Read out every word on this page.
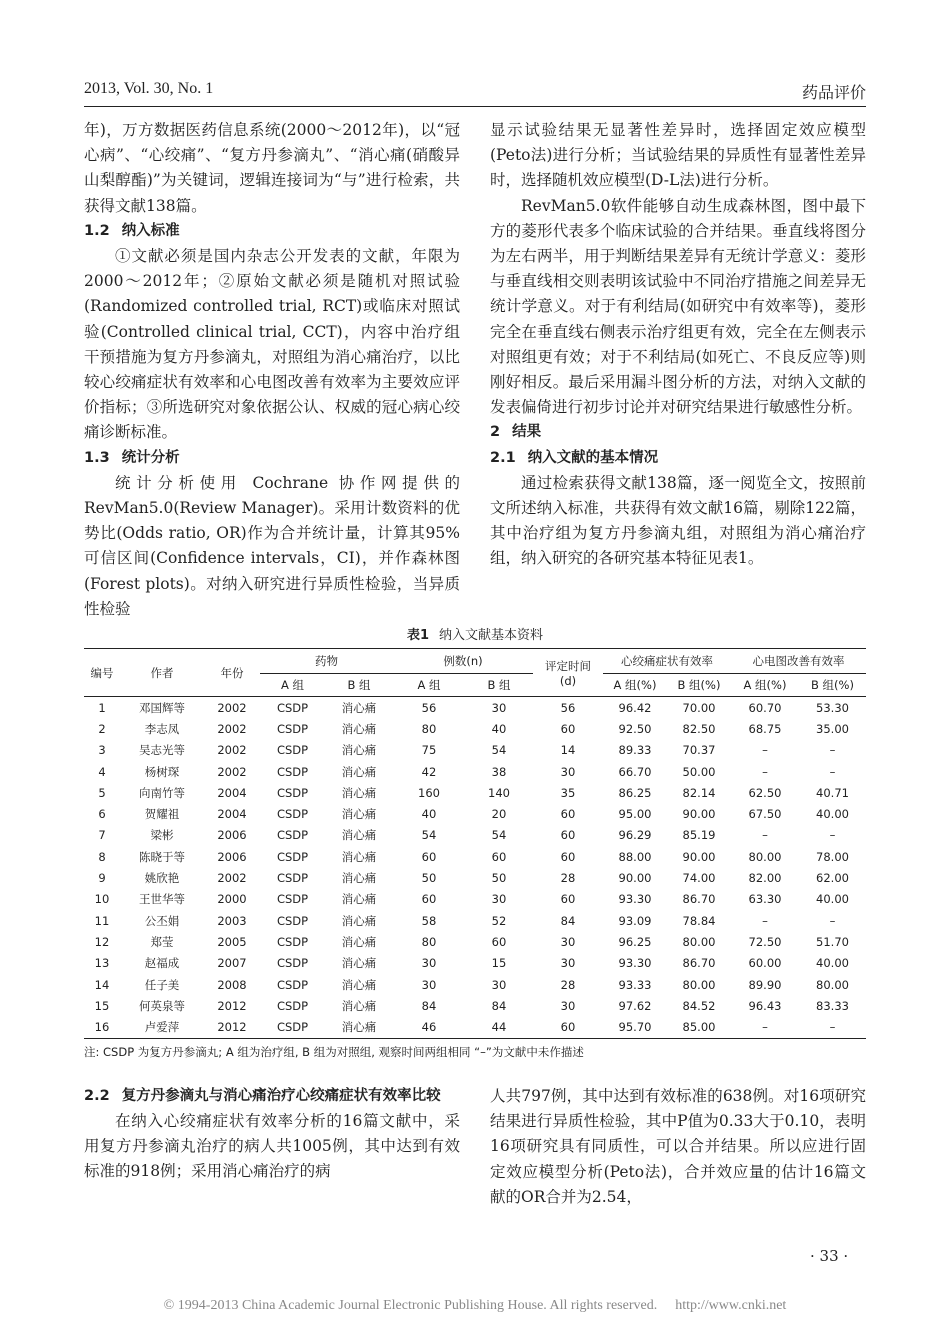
2013, Vol. 30, No. 1	药品评价

年)，万方数据医药信息系统(2000～2012年)，以“冠心病”、“心绞痛”、“复方丹参滴丸”、“消心痛(硝酸异山梨醇酯)”为关键词，逻辑连接词为“与”进行检索，共获得文献138篇。

1.2 纳入标准

①文献必须是国内杂志公开发表的文献，年限为2000～2012年；②原始文献必须是随机对照试验(Randomized controlled trial, RCT)或临床对照试验(Controlled clinical trial, CCT)，内容中治疗组干预措施为复方丹参滴丸，对照组为消心痛治疗，以比较心绞痛症状有效率和心电图改善有效率为主要效应评价指标；③所选研究对象依据公认、权威的冠心病心绞痛诊断标准。

1.3 统计分析

统计分析使用 Cochrane 协作网提供的 RevMan5.0(Review Manager)。采用计数资料的优势比(Odds ratio, OR)作为合并统计量，计算其95%可信区间(Confidence intervals，CI)，并作森林图(Forest plots)。对纳入研究进行异质性检验，当异质性检验

显示试验结果无显著性差异时，选择固定效应模型(Peto法)进行分析；当试验结果的异质性有显著性差异时，选择随机效应模型(D-L法)进行分析。

RevMan5.0软件能够自动生成森林图，图中最下方的菱形代表多个临床试验的合并结果。垂直线将图分为左右两半，用于判断结果差异有无统计学意义：菱形与垂直线相交则表明该试验中不同治疗措施之间差异无统计学意义。对于有利结局(如研究中有效率等)，菱形完全在垂直线右侧表示治疗组更有效，完全在左侧表示对照组更有效；对于不利结局(如死亡、不良反应等)则刚好相反。最后采用漏斗图分析的方法，对纳入文献的发表偏倚进行初步讨论并对研究结果进行敏感性分析。

2 结果
2.1 纳入文献的基本情况

通过检索获得文献138篇，逐一阅览全文，按照前文所述纳入标准，共获得有效文献16篇，剔除122篇，其中治疗组为复方丹参滴丸组，对照组为消心痛治疗组，纳入研究的各研究基本特征见表1。

表1 纳入文献基本资料
编号	作者	年份	药物		例数(n)		评定时间
(d)	心绞痛症状有效率		心电图改善有效率	
			A 组	B 组	A 组	B 组		A 组(%)	B 组(%)	A 组(%)	B 组(%)
1	邓国辉等	2002	CSDP	消心痛	56	30	56	96.42	70.00	60.70	53.30
2	李志凤	2002	CSDP	消心痛	80	40	60	92.50	82.50	68.75	35.00
3	吴志光等	2002	CSDP	消心痛	75	54	14	89.33	70.37	–	–
4	杨树琛	2002	CSDP	消心痛	42	38	30	66.70	50.00	–	–
5	向南竹等	2004	CSDP	消心痛	160	140	35	86.25	82.14	62.50	40.71
6	贺耀祖	2004	CSDP	消心痛	40	20	60	95.00	90.00	67.50	40.00
7	梁彬	2006	CSDP	消心痛	54	54	60	96.29	85.19	–	–
8	陈晓于等	2006	CSDP	消心痛	60	60	60	88.00	90.00	80.00	78.00
9	姚欣艳	2002	CSDP	消心痛	50	50	28	90.00	74.00	82.00	62.00
10	王世华等	2000	CSDP	消心痛	60	30	60	93.30	86.70	63.30	40.00
11	公丕娟	2003	CSDP	消心痛	58	52	84	93.09	78.84	–	–
12	郑莹	2005	CSDP	消心痛	80	60	30	96.25	80.00	72.50	51.70
13	赵福成	2007	CSDP	消心痛	30	15	30	93.30	86.70	60.00	40.00
14	任子美	2008	CSDP	消心痛	30	30	28	93.33	80.00	89.90	80.00
15	何英泉等	2012	CSDP	消心痛	84	84	30	97.62	84.52	96.43	83.33
16	卢爱萍	2012	CSDP	消心痛	46	44	60	95.70	85.00	–	–
注: CSDP 为复方丹参滴丸; A 组为治疗组, B 组为对照组, 观察时间两组相同 “–”为文献中未作描述
2.2 复方丹参滴丸与消心痛治疗心绞痛症状有效率比较

在纳入心绞痛症状有效率分析的16篇文献中，采用复方丹参滴丸治疗的病人共1005例，其中达到有效标准的918例；采用消心痛治疗的病

人共797例，其中达到有效标准的638例。对16项研究结果进行异质性检验，其中P值为0.33大于0.10，表明16项研究具有同质性，可以合并结果。所以应进行固定效应模型分析(Peto法)，合并效应量的估计16篇文献的OR合并为2.54，

· 33 ·
© 1994-2013 China Academic Journal Electronic Publishing House. All rights reserved. http://www.cnki.net
